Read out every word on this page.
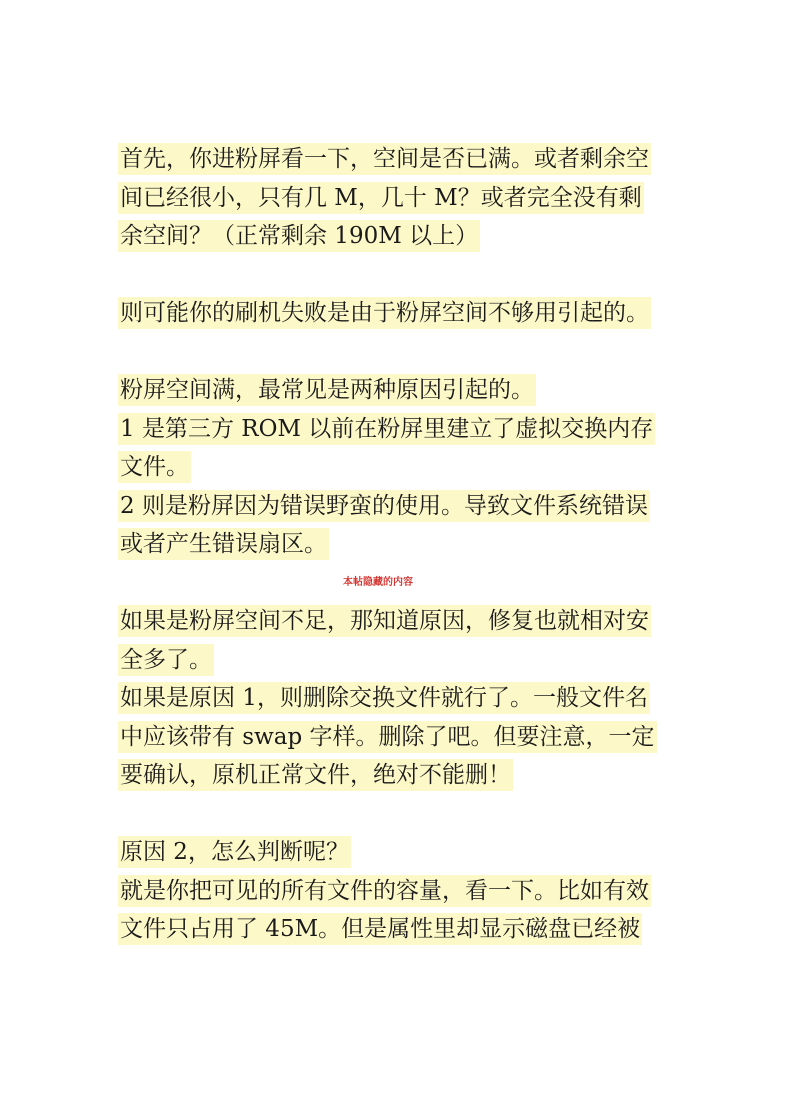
首先，你进粉屏看一下，空间是否已满。或者剩余空
间已经很小，只有几 M，几十 M？或者完全没有剩
余空间？（正常剩余 190M 以上）
则可能你的刷机失败是由于粉屏空间不够用引起的。
粉屏空间满，最常见是两种原因引起的。
1 是第三方 ROM 以前在粉屏里建立了虚拟交换内存
文件。
2 则是粉屏因为错误野蛮的使用。导致文件系统错误
或者产生错误扇区。
本帖隐藏的内容
如果是粉屏空间不足，那知道原因，修复也就相对安
全多了。
如果是原因 1，则删除交换文件就行了。一般文件名
中应该带有 swap 字样。删除了吧。但要注意，一定
要确认，原机正常文件，绝对不能删！
原因 2，怎么判断呢？
就是你把可见的所有文件的容量，看一下。比如有效
文件只占用了 45M。但是属性里却显示磁盘已经被
